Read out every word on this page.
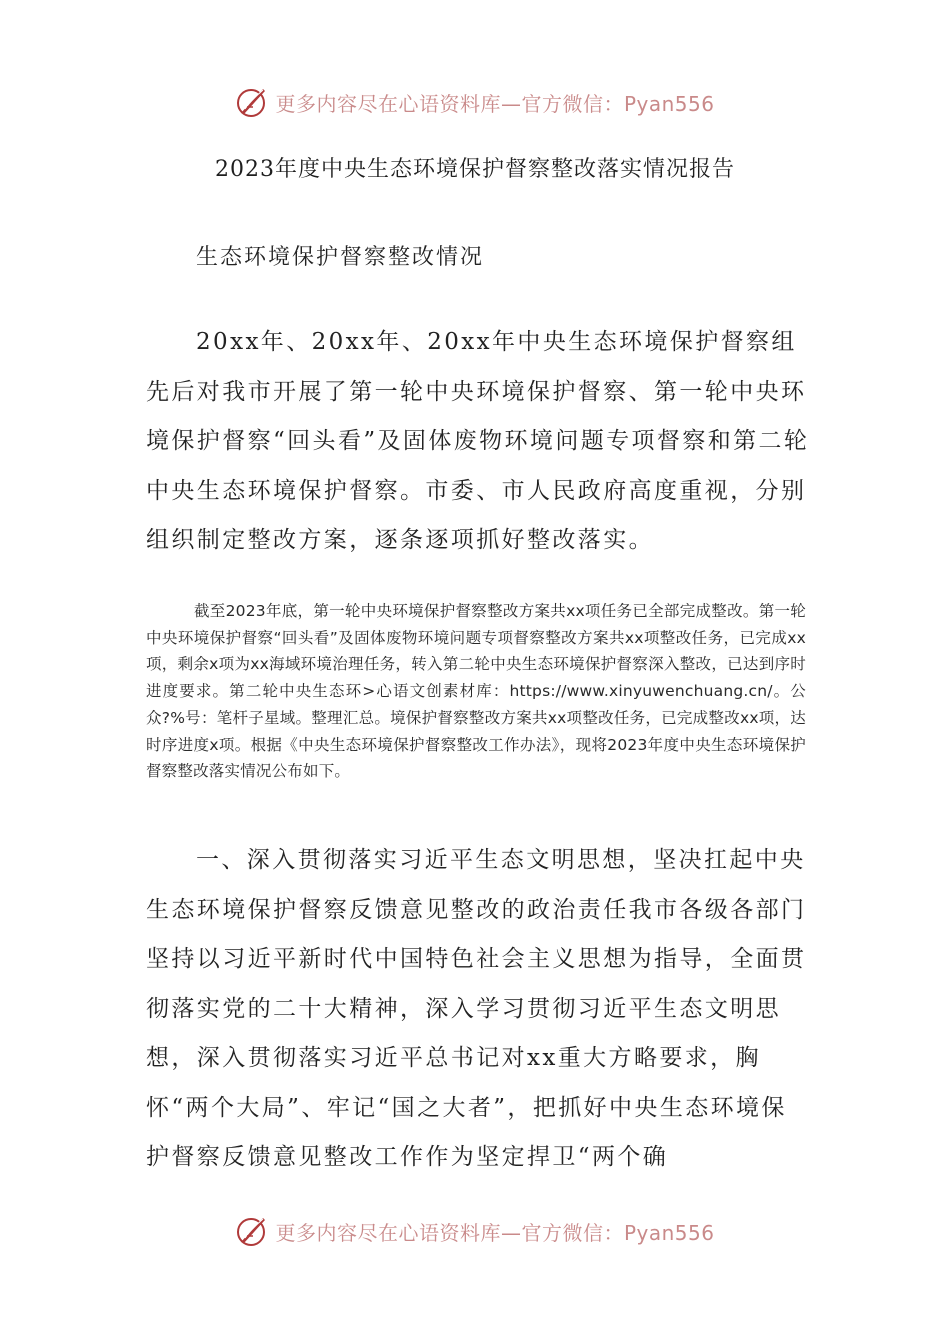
更多内容尽在心语资料库—官方微信：Pyan556
2023年度中央生态环境保护督察整改落实情况报告
生态环境保护督察整改情况

20xx年、20xx年、20xx年中央生态环境保护督察组先后对我市开展了第一轮中央环境保护督察、第一轮中央环境保护督察“回头看”及固体废物环境问题专项督察和第二轮中央生态环境保护督察。市委、市人民政府高度重视，分别组织制定整改方案，逐条逐项抓好整改落实。

截至2023年底，第一轮中央环境保护督察整改方案共xx项任务已全部完成整改。第一轮中央环境保护督察“回头看”及固体废物环境问题专项督察整改方案共xx项整改任务，已完成xx项，剩余x项为xx海域环境治理任务，转入第二轮中央生态环境保护督察深入整改，已达到序时进度要求。第二轮中央生态环>心语文创素材库：https://www.xinyuwenchuang.cn/。公众?%号：笔杆子星域。整理汇总。境保护督察整改方案共xx项整改任务，已完成整改xx项，达时序进度x项。根据《中央生态环境保护督察整改工作办法》，现将2023年度中央生态环境保护督察整改落实情况公布如下。

一、深入贯彻落实习近平生态文明思想，坚决扛起中央生态环境保护督察反馈意见整改的政治责任我市各级各部门坚持以习近平新时代中国特色社会主义思想为指导，全面贯彻落实党的二十大精神，深入学习贯彻习近平生态文明思想，深入贯彻落实习近平总书记对xx重大方略要求，胸怀“两个大局”、牢记“国之大者”，把抓好中央生态环境保护督察反馈意见整改工作作为坚定捍卫“两个确

更多内容尽在心语资料库—官方微信：Pyan556
